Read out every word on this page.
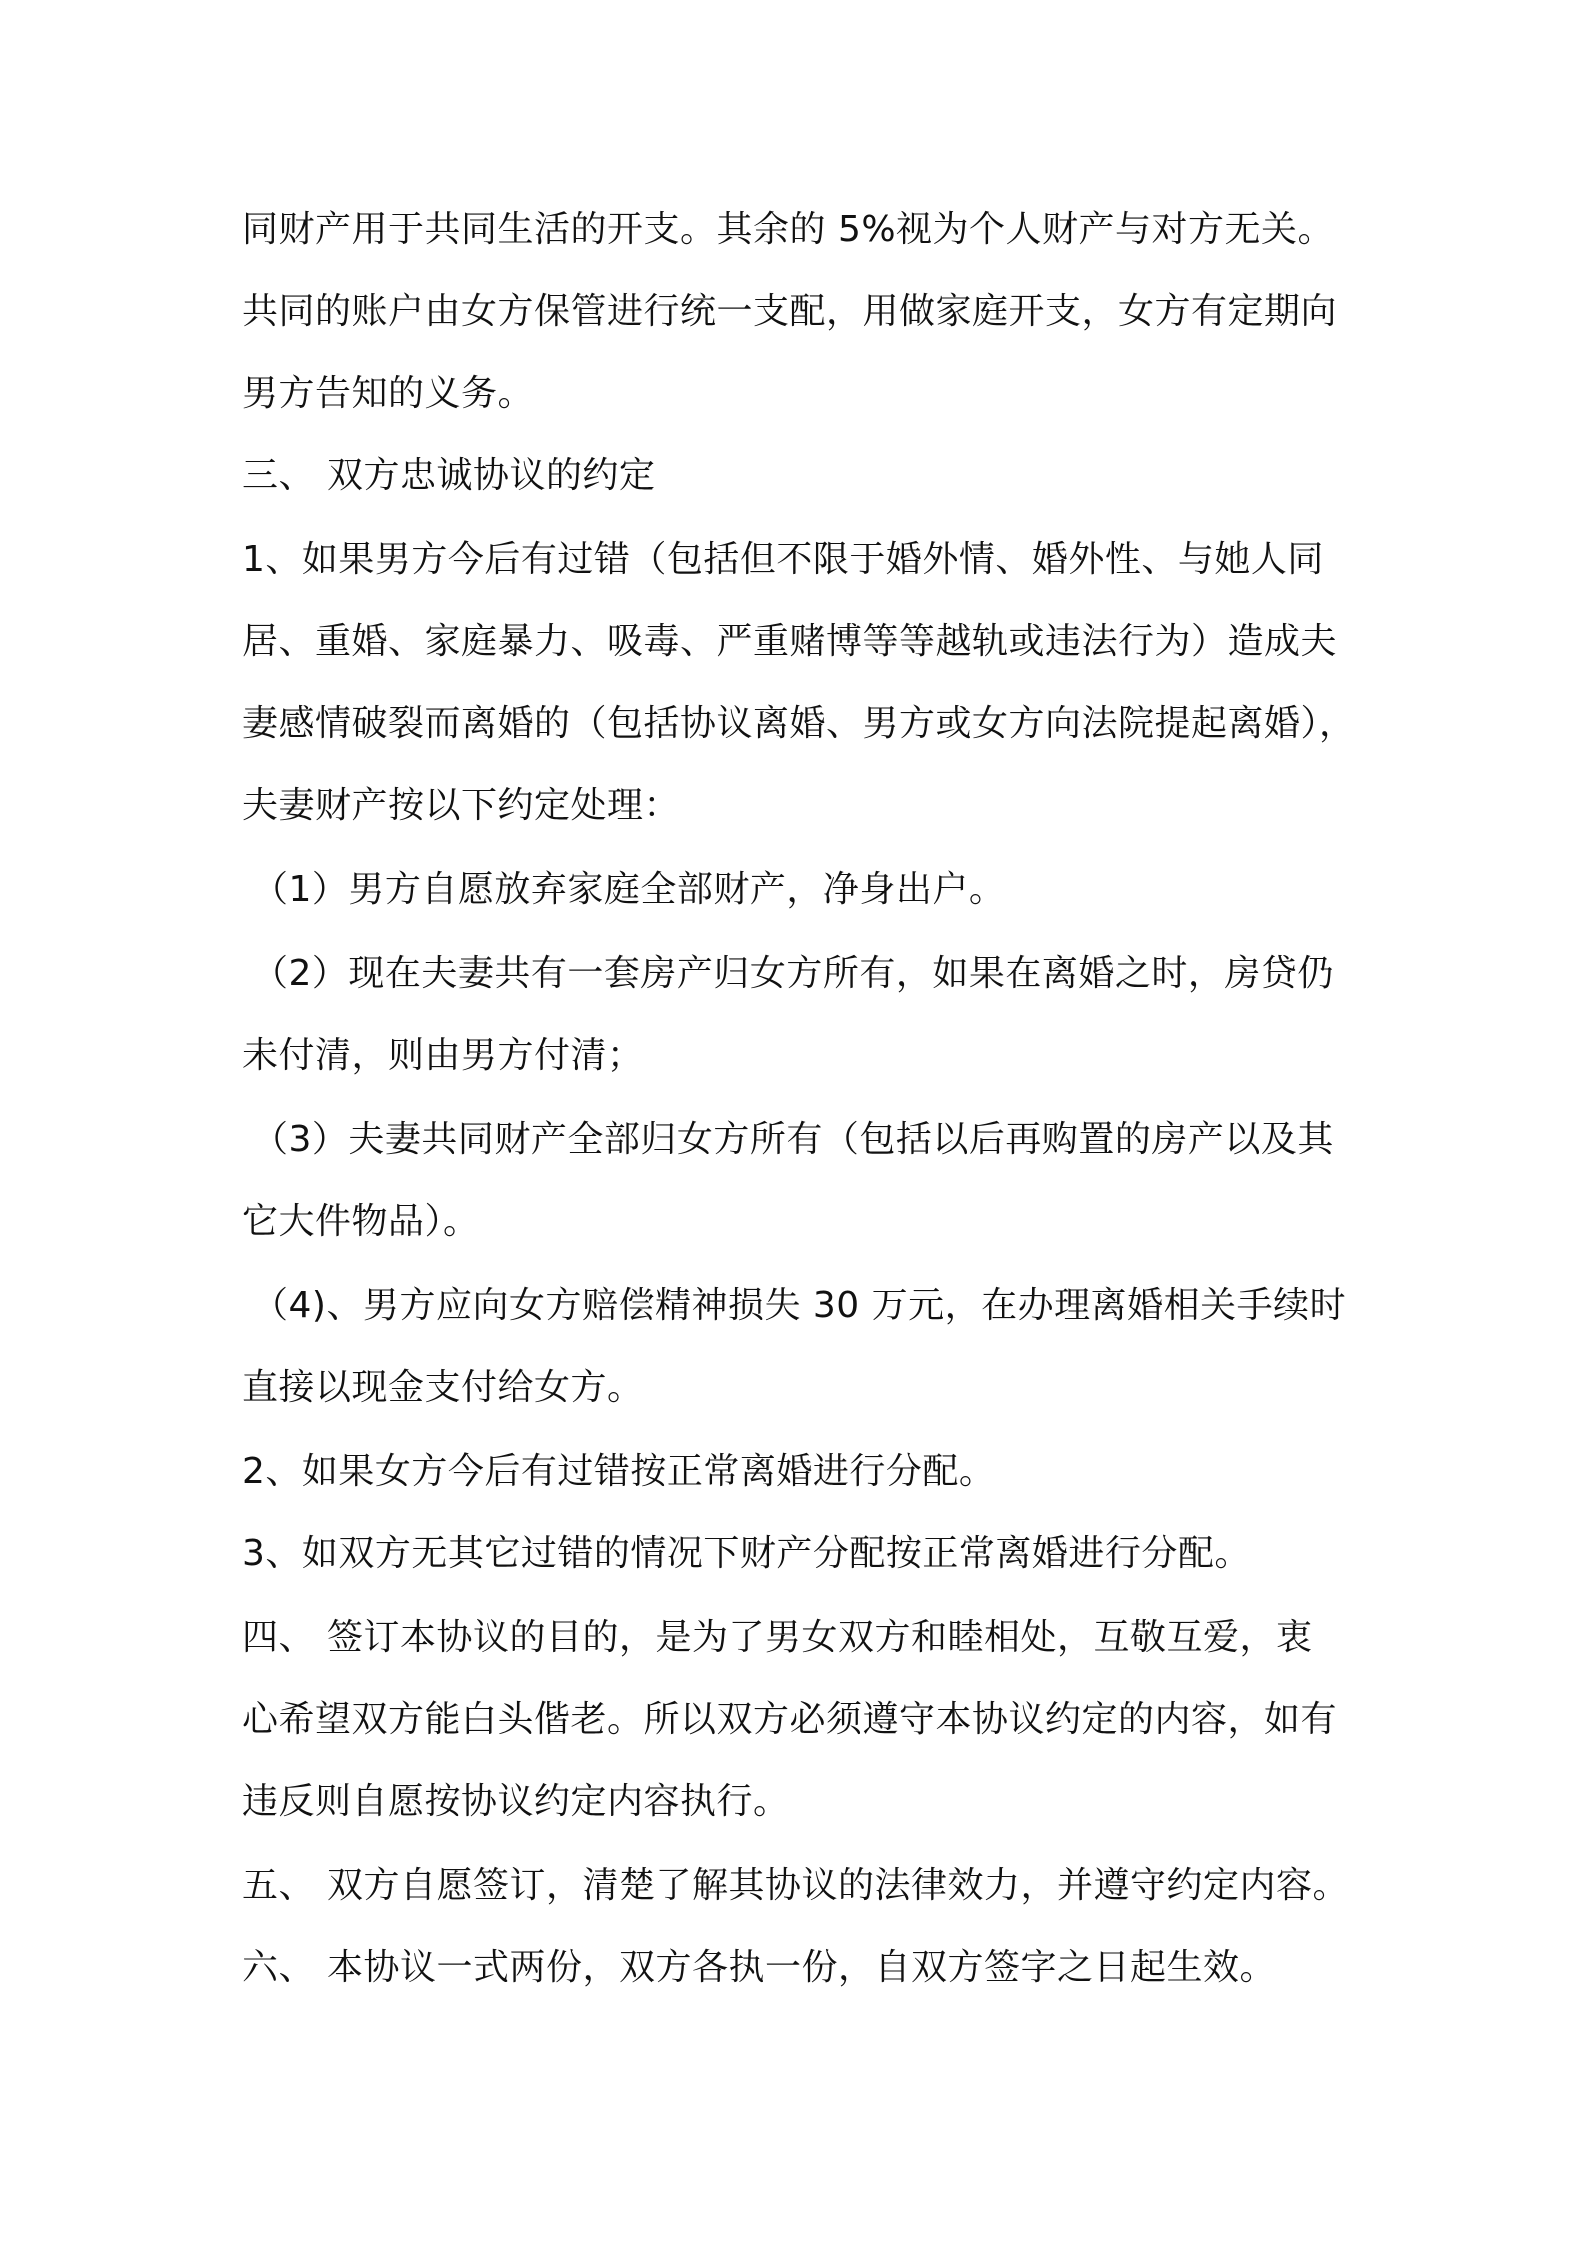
同财产用于共同生活的开支。其余的 5%视为个人财产与对方无关。
共同的账户由女方保管进行统一支配，用做家庭开支，女方有定期向
男方告知的义务。
三、 双方忠诚协议的约定
1、如果男方今后有过错（包括但不限于婚外情、婚外性、与她人同
居、重婚、家庭暴力、吸毒、严重赌博等等越轨或违法行为）造成夫
妻感情破裂而离婚的（包括协议离婚、男方或女方向法院提起离婚），
夫妻财产按以下约定处理：
（1）男方自愿放弃家庭全部财产，净身出户。
（2）现在夫妻共有一套房产归女方所有，如果在离婚之时，房贷仍
未付清，则由男方付清；
（3）夫妻共同财产全部归女方所有（包括以后再购置的房产以及其
它大件物品）。
（4)、男方应向女方赔偿精神损失 30 万元，在办理离婚相关手续时
直接以现金支付给女方。
2、如果女方今后有过错按正常离婚进行分配。
3、如双方无其它过错的情况下财产分配按正常离婚进行分配。
四、 签订本协议的目的，是为了男女双方和睦相处，互敬互爱，衷
心希望双方能白头偕老。所以双方必须遵守本协议约定的内容，如有
违反则自愿按协议约定内容执行。
五、 双方自愿签订，清楚了解其协议的法律效力，并遵守约定内容。
六、 本协议一式两份，双方各执一份，自双方签字之日起生效。
